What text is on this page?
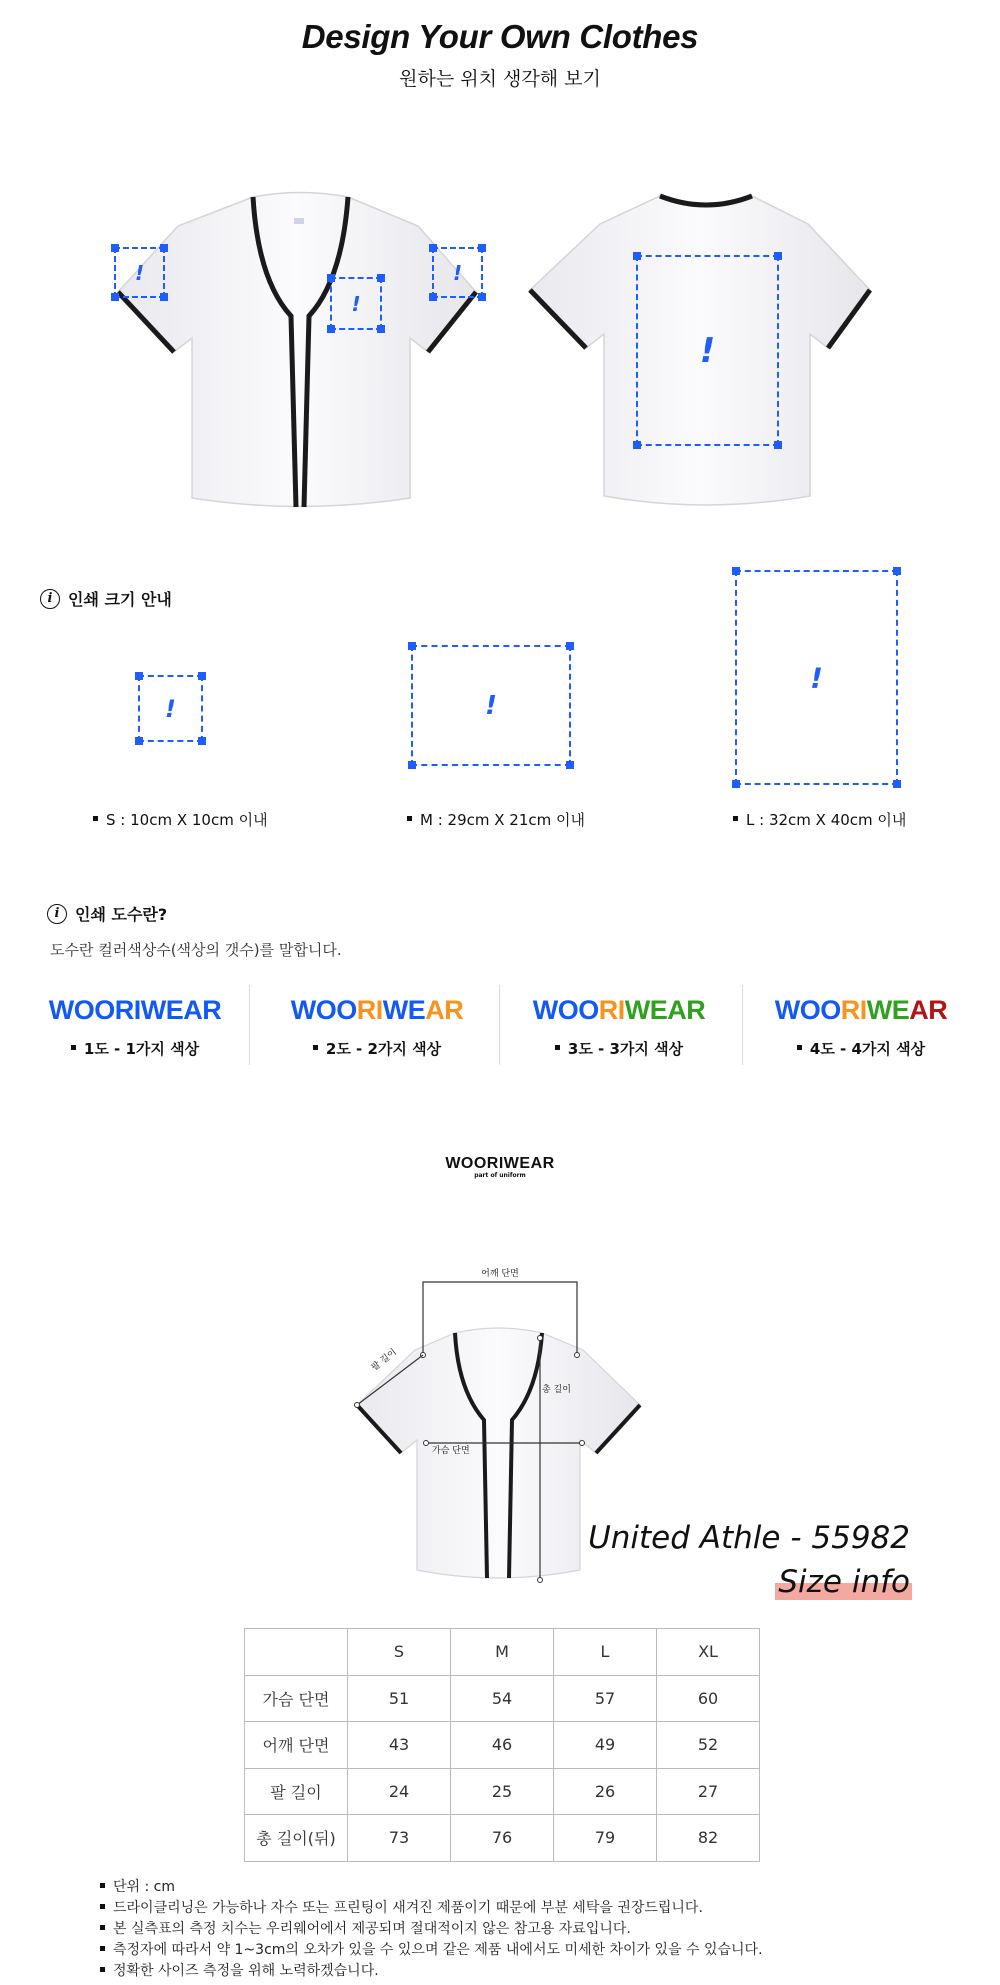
Design Your Own Clothes
원하는 위치 생각해 보기
!
!
!
!
i 인쇄 크기 안내
!	!
!
S : 10cm X 10cm 이내	M : 29cm X 21cm 이내	L : 32cm X 40cm 이내
i 인쇄 도수란?
도수란 컬러색상수(색상의 갯수)를 말합니다.
WOORIWEAR
1도 - 1가지 색상
WOORIWEAR
2도 - 2가지 색상
WOORIWEAR
3도 - 3가지 색상
WOORIWEAR
4도 - 4가지 색상
WOORIWEAR
part of uniform
어깨 단면
팔 길이
총 길이
가슴 단면
United Athle - 55982
Size info
	S	M	L	XL
가슴 단면	51	54	57	60
어깨 단면	43	46	49	52
팔 길이	24	25	26	27
총 길이(뒤)	73	76	79	82
단위 : cm
드라이클리닝은 가능하나 자수 또는 프린팅이 새겨진 제품이기 때문에 부분 세탁을 권장드립니다.
본 실측표의 측정 치수는 우리웨어에서 제공되며 절대적이지 않은 참고용 자료입니다.
측정자에 따라서 약 1~3cm의 오차가 있을 수 있으며 같은 제품 내에서도 미세한 차이가 있을 수 있습니다.
정확한 사이즈 측정을 위해 노력하겠습니다.
